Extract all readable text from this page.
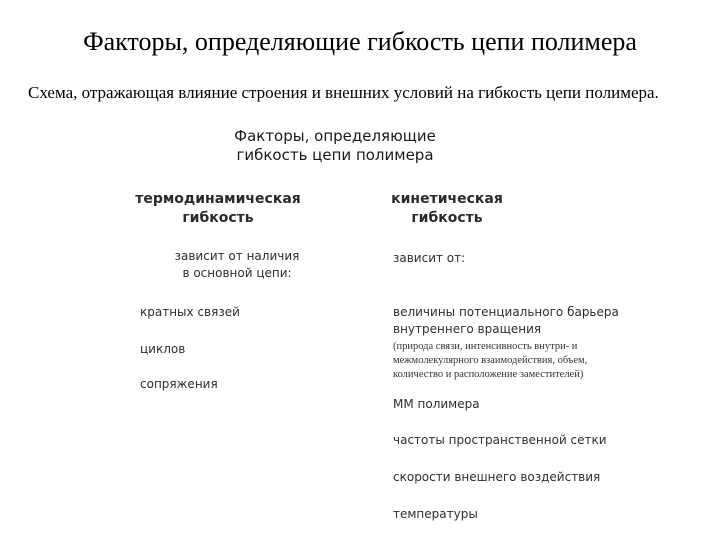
Факторы, определяющие гибкость цепи полимера
Схема, отражающая влияние строения и внешних условий на гибкость цепи полимера.
Факторы, определяющие
гибкость цепи полимера
термодинамическая
гибкость
зависит от наличия
в основной цепи:
кратных связей
циклов
сопряжения
кинетическая
гибкость
зависит от:
величины потенциального барьера
внутреннего вращения
(природа связи, интенсивность внутри- и
межмолекулярного взаимодействия, объем,
количество и расположение заместителей)
ММ полимера
частоты пространственной сетки
скорости внешнего воздействия
температуры
